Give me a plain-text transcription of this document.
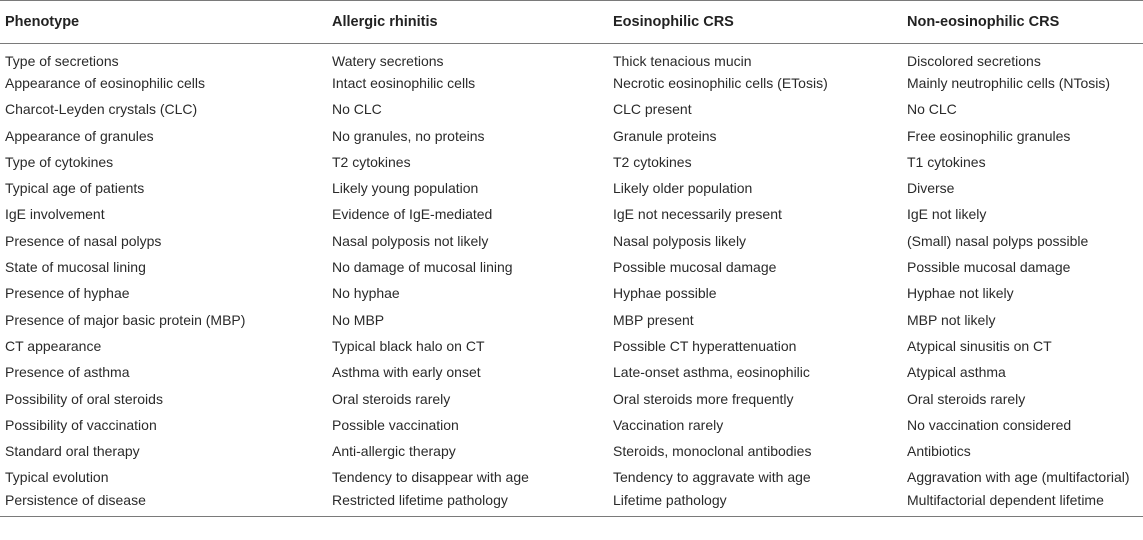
Phenotype	Allergic rhinitis	Eosinophilic CRS	Non-eosinophilic CRS
Type of secretions	Watery secretions	Thick tenacious mucin	Discolored secretions
Appearance of eosinophilic cells	Intact eosinophilic cells	Necrotic eosinophilic cells (ETosis)	Mainly neutrophilic cells (NTosis)
Charcot-Leyden crystals (CLC)	No CLC	CLC present	No CLC
Appearance of granules	No granules, no proteins	Granule proteins	Free eosinophilic granules
Type of cytokines	T2 cytokines	T2 cytokines	T1 cytokines
Typical age of patients	Likely young population	Likely older population	Diverse
IgE involvement	Evidence of IgE-mediated	IgE not necessarily present	IgE not likely
Presence of nasal polyps	Nasal polyposis not likely	Nasal polyposis likely	(Small) nasal polyps possible
State of mucosal lining	No damage of mucosal lining	Possible mucosal damage	Possible mucosal damage
Presence of hyphae	No hyphae	Hyphae possible	Hyphae not likely
Presence of major basic protein (MBP)	No MBP	MBP present	MBP not likely
CT appearance	Typical black halo on CT	Possible CT hyperattenuation	Atypical sinusitis on CT
Presence of asthma	Asthma with early onset	Late-onset asthma, eosinophilic	Atypical asthma
Possibility of oral steroids	Oral steroids rarely	Oral steroids more frequently	Oral steroids rarely
Possibility of vaccination	Possible vaccination	Vaccination rarely	No vaccination considered
Standard oral therapy	Anti-allergic therapy	Steroids, monoclonal antibodies	Antibiotics
Typical evolution	Tendency to disappear with age	Tendency to aggravate with age	Aggravation with age (multifactorial)
Persistence of disease	Restricted lifetime pathology	Lifetime pathology	Multifactorial dependent lifetime
